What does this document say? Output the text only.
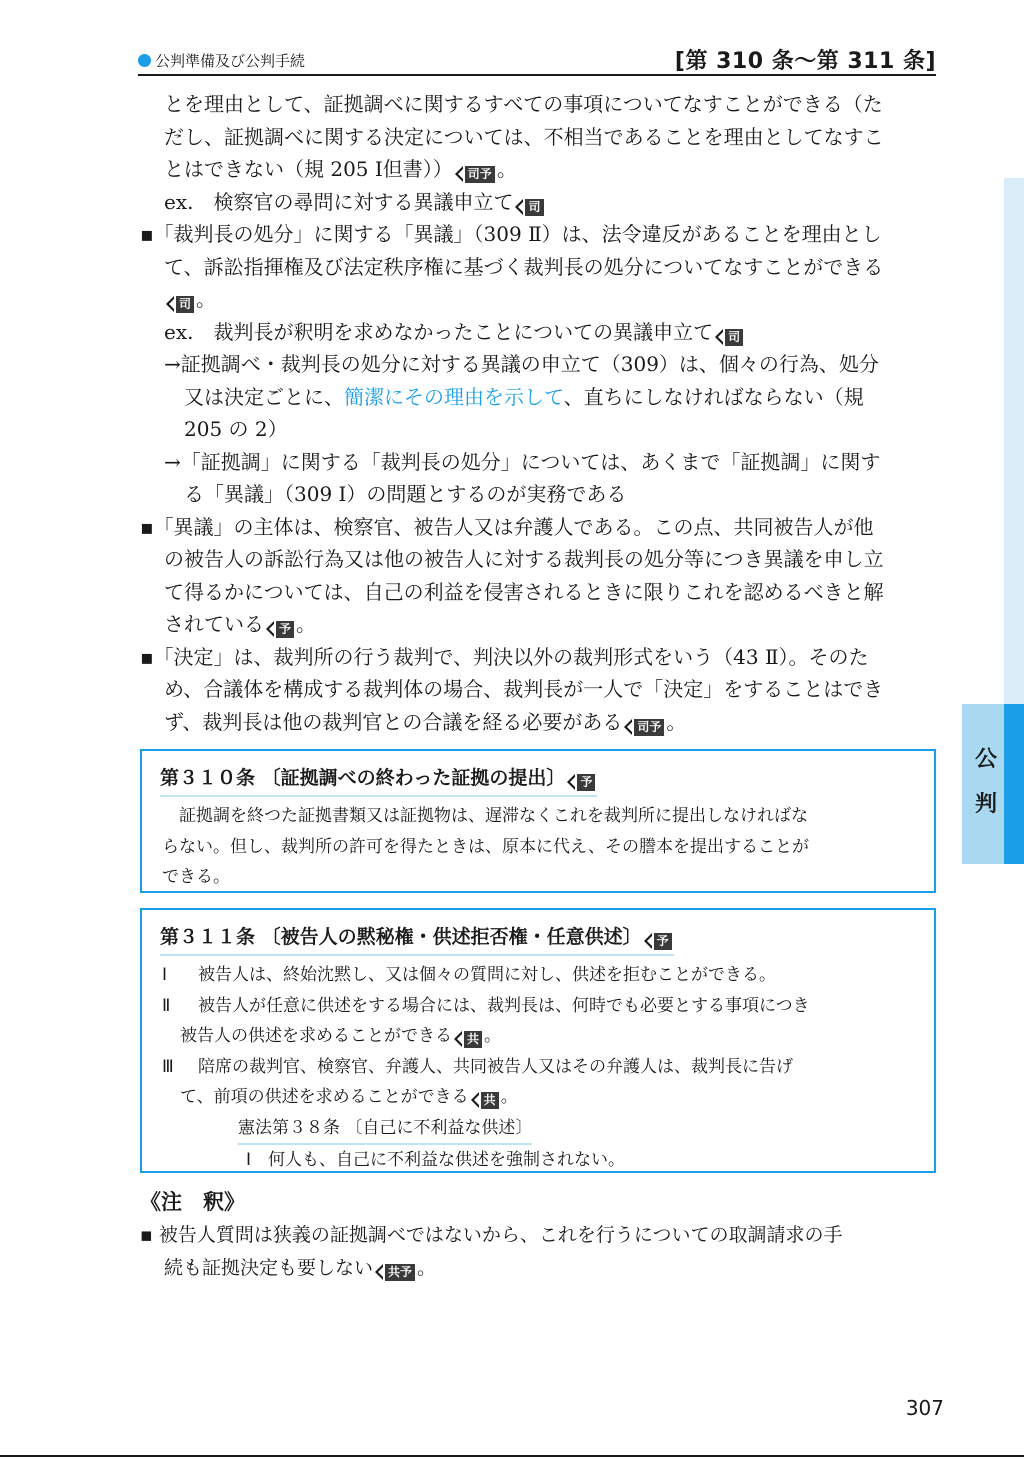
公判準備及び公判手続	[第 310 条〜第 311 条]
公
判
とを理由として、証拠調べに関するすべての事項についてなすことができる（た
だし、証拠調べに関する決定については、不相当であることを理由としてなすこ
とはできない（規 205 Ⅰ但書）） 司予 。
ex.　検察官の尋問に対する異議申立て 司
▪「裁判長の処分」に関する「異議」（309 Ⅱ）は、法令違反があることを理由とし
て、訴訟指揮権及び法定秩序権に基づく裁判長の処分についてなすことができる
司 。
ex.　裁判長が釈明を求めなかったことについての異議申立て 司
→証拠調べ・裁判長の処分に対する異議の申立て（309）は、個々の行為、処分
又は決定ごとに、簡潔にその理由を示して、直ちにしなければならない（規
205 の 2）
→「証拠調」に関する「裁判長の処分」については、あくまで「証拠調」に関す
る「異議」（309 Ⅰ）の問題とするのが実務である
▪「異議」の主体は、検察官、被告人又は弁護人である。この点、共同被告人が他
の被告人の訴訟行為又は他の被告人に対する裁判長の処分等につき異議を申し立
て得るかについては、自己の利益を侵害されるときに限りこれを認めるべきと解
されている 予 。
▪「決定」は、裁判所の行う裁判で、判決以外の裁判形式をいう（43 Ⅱ）。そのた
め、合議体を構成する裁判体の場合、裁判長が一人で「決定」をすることはでき
ず、裁判長は他の裁判官との合議を経る必要がある 司予 。
第３１０条 〔証拠調べの終わった証拠の提出〕 予
　証拠調を終つた証拠書類又は証拠物は、遅滞なくこれを裁判所に提出しなければな
らない。但し、裁判所の許可を得たときは、原本に代え、その謄本を提出することが
できる。
第３１１条 〔被告人の黙秘権・供述拒否権・任意供述〕 予
Ⅰ 被告人は、終始沈黙し、又は個々の質問に対し、供述を拒むことができる。
Ⅱ 被告人が任意に供述をする場合には、裁判長は、何時でも必要とする事項につき
被告人の供述を求めることができる 共 。
Ⅲ 陪席の裁判官、検察官、弁護人、共同被告人又はその弁護人は、裁判長に告げ
て、前項の供述を求めることができる 共 。
憲法第３８条 〔自己に不利益な供述〕
Ⅰ　何人も、自己に不利益な供述を強制されない。
《注　釈》
▪ 被告人質問は狭義の証拠調べではないから、これを行うについての取調請求の手
続も証拠決定も要しない 共予 。
307
